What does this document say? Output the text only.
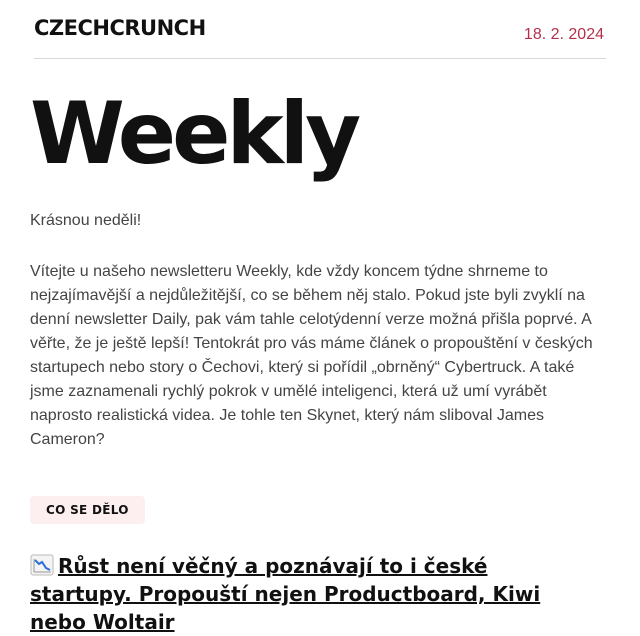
CZECHCRUNCH	18. 2. 2024
Weekly
Krásnou neděli!

Vítejte u našeho newsletteru Weekly, kde vždy koncem týdne shrneme to nejzajímavější a nejdůležitější, co se během něj stalo. Pokud jste byli zvyklí na denní newsletter Daily, pak vám tahle celotýdenní verze možná přišla poprvé. A věřte, že je ještě lepší! Tentokrát pro vás máme článek o propouštění v českých startupech nebo story o Čechovi, který si pořídil „obrněný“ Cybertruck. A také jsme zaznamenali rychlý pokrok v umělé inteligenci, která už umí vyrábět naprosto realistická videa. Je tohle ten Skynet, který nám sliboval James Cameron?

CO SE DĚLO
Růst není věčný a poznávají to i české startupy. Propouští nejen Productboard, Kiwi nebo Woltair
